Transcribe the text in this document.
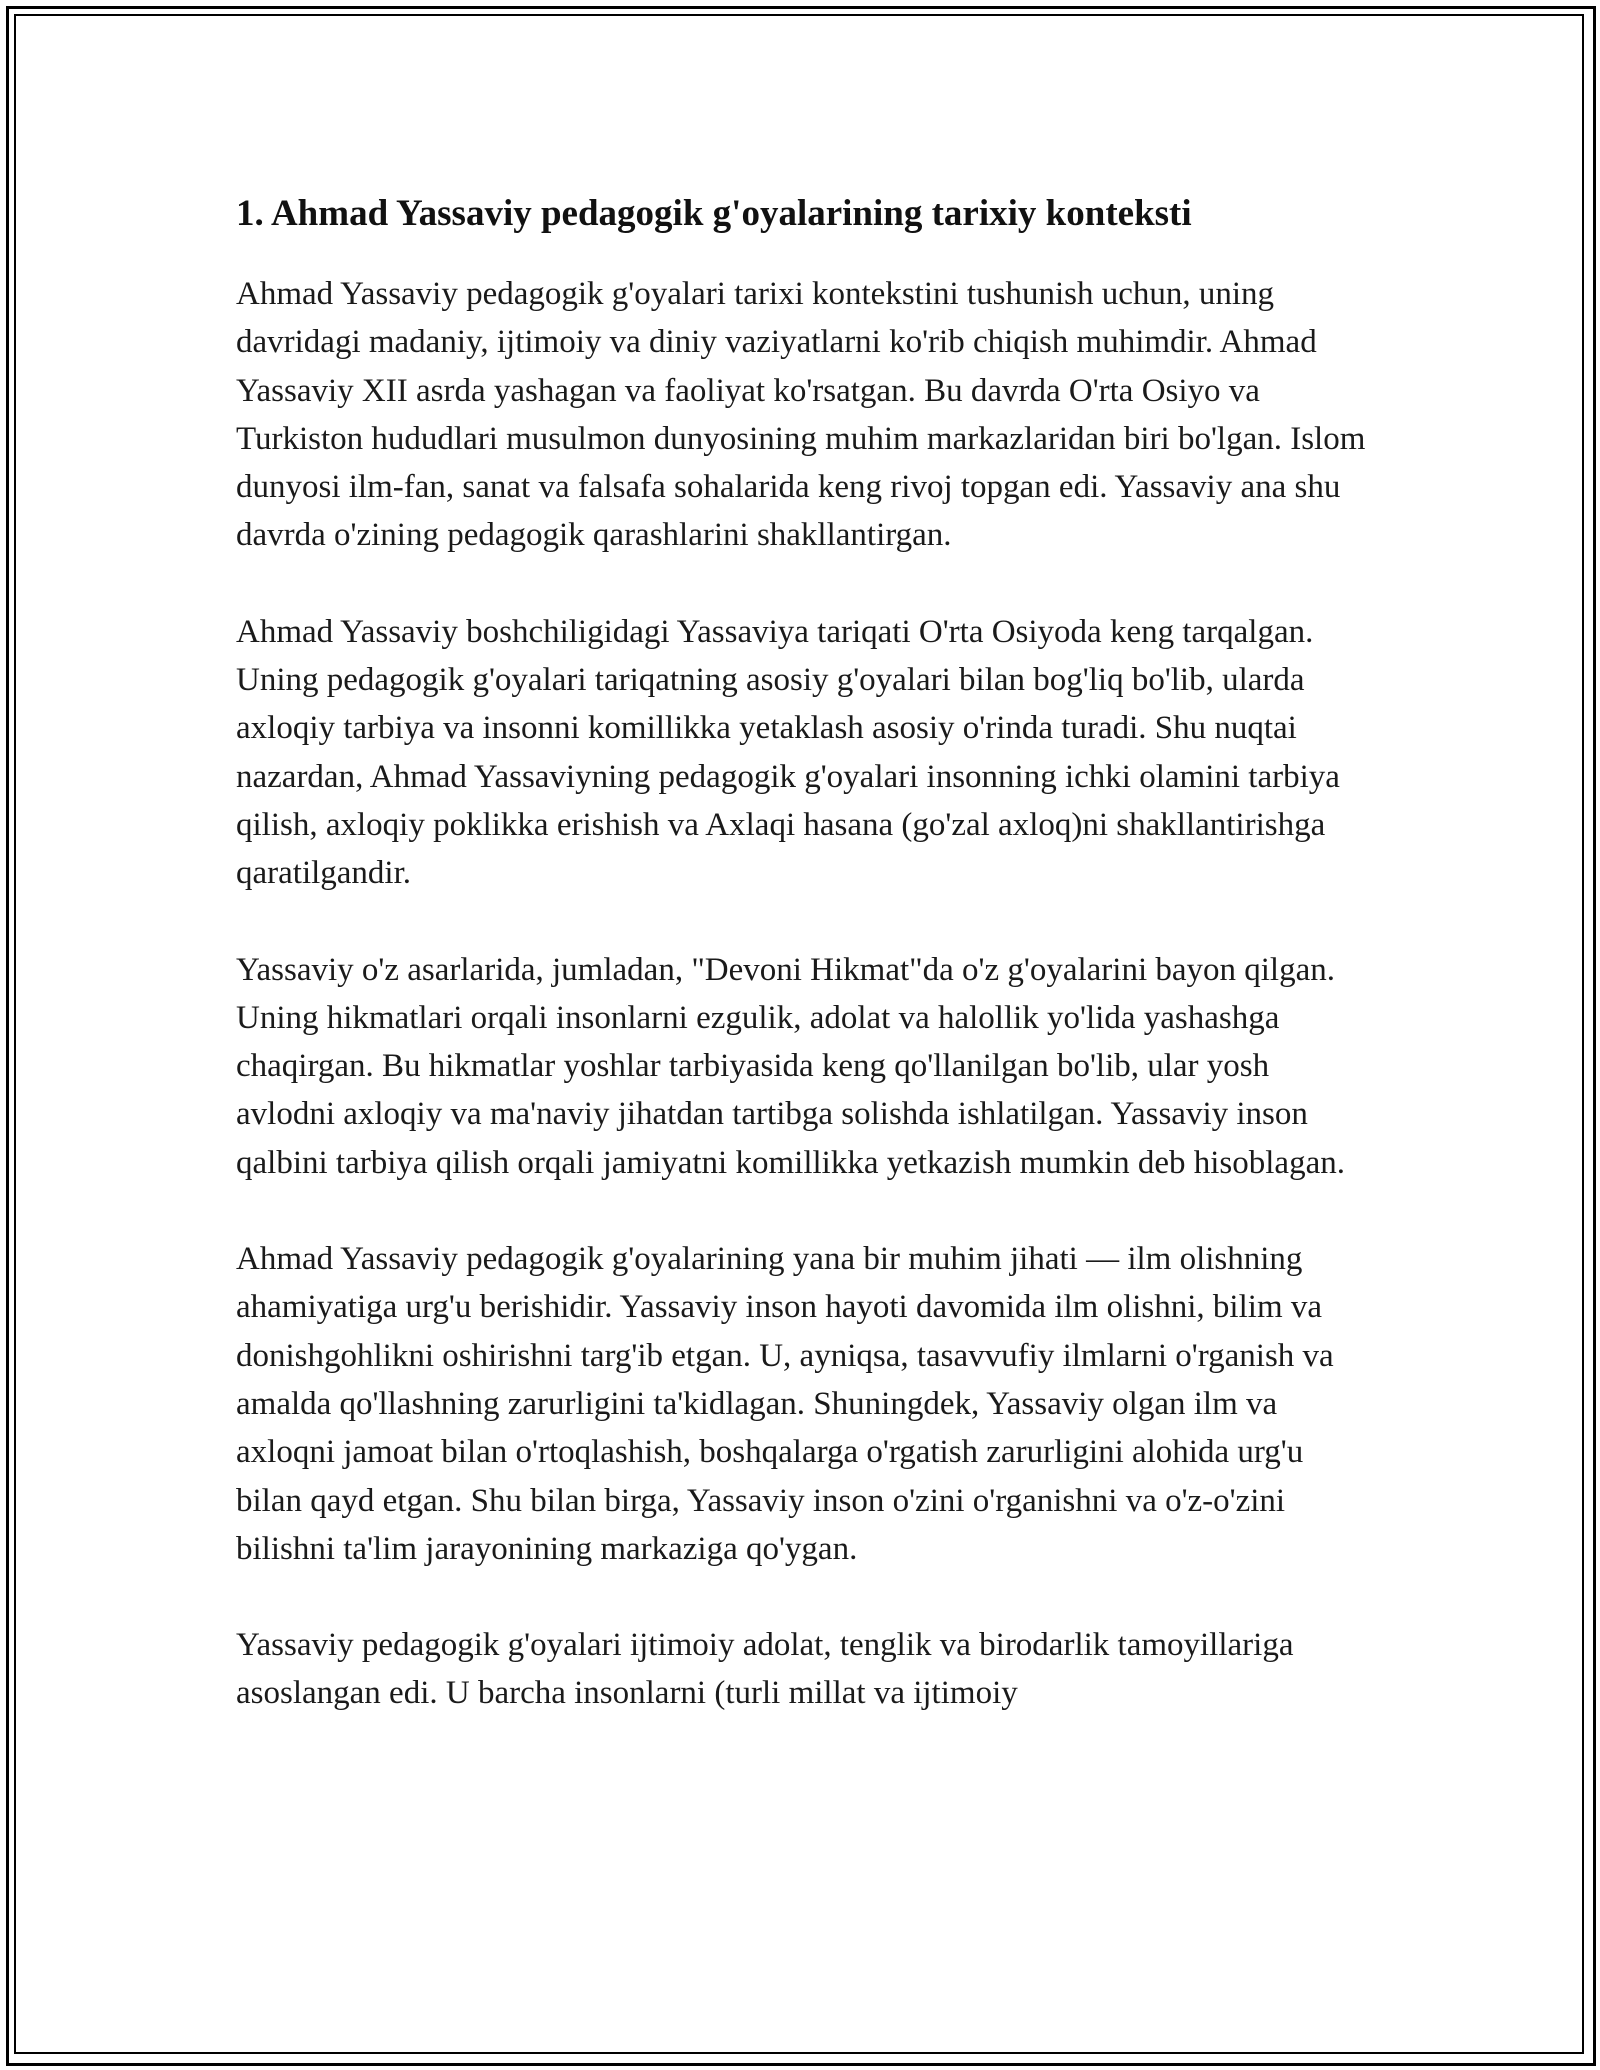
1. Ahmad Yassaviy pedagogik g'oyalarining tarixiy konteksti

Ahmad Yassaviy pedagogik g'oyalari tarixi kontekstini tushunish uchun, uning davridagi madaniy, ijtimoiy va diniy vaziyatlarni ko'rib chiqish muhimdir. Ahmad Yassaviy XII asrda yashagan va faoliyat ko'rsatgan. Bu davrda O'rta Osiyo va Turkiston hududlari musulmon dunyosining muhim markazlaridan biri bo'lgan. Islom dunyosi ilm-fan, sanat va falsafa sohalarida keng rivoj topgan edi. Yassaviy ana shu davrda o'zining pedagogik qarashlarini shakllantirgan.

Ahmad Yassaviy boshchiligidagi Yassaviya tariqati O'rta Osiyoda keng tarqalgan. Uning pedagogik g'oyalari tariqatning asosiy g'oyalari bilan bog'liq bo'lib, ularda axloqiy tarbiya va insonni komillikka yetaklash asosiy o'rinda turadi. Shu nuqtai nazardan, Ahmad Yassaviyning pedagogik g'oyalari insonning ichki olamini tarbiya qilish, axloqiy poklikka erishish va Axlaqi hasana (go'zal axloq)ni shakllantirishga qaratilgandir.

Yassaviy o'z asarlarida, jumladan, "Devoni Hikmat"da o'z g'oyalarini bayon qilgan. Uning hikmatlari orqali insonlarni ezgulik, adolat va halollik yo'lida yashashga chaqirgan. Bu hikmatlar yoshlar tarbiyasida keng qo'llanilgan bo'lib, ular yosh avlodni axloqiy va ma'naviy jihatdan tartibga solishda ishlatilgan. Yassaviy inson qalbini tarbiya qilish orqali jamiyatni komillikka yetkazish mumkin deb hisoblagan.

Ahmad Yassaviy pedagogik g'oyalarining yana bir muhim jihati — ilm olishning ahamiyatiga urg'u berishidir. Yassaviy inson hayoti davomida ilm olishni, bilim va donishgohlikni oshirishni targ'ib etgan. U, ayniqsa, tasavvufiy ilmlarni o'rganish va amalda qo'llashning zarurligini ta'kidlagan. Shuningdek, Yassaviy olgan ilm va axloqni jamoat bilan o'rtoqlashish, boshqalarga o'rgatish zarurligini alohida urg'u bilan qayd etgan. Shu bilan birga, Yassaviy inson o'zini o'rganishni va o'z-o'zini bilishni ta'lim jarayonining markaziga qo'ygan.

Yassaviy pedagogik g'oyalari ijtimoiy adolat, tenglik va birodarlik tamoyillariga asoslangan edi. U barcha insonlarni (turli millat va ijtimoiy
